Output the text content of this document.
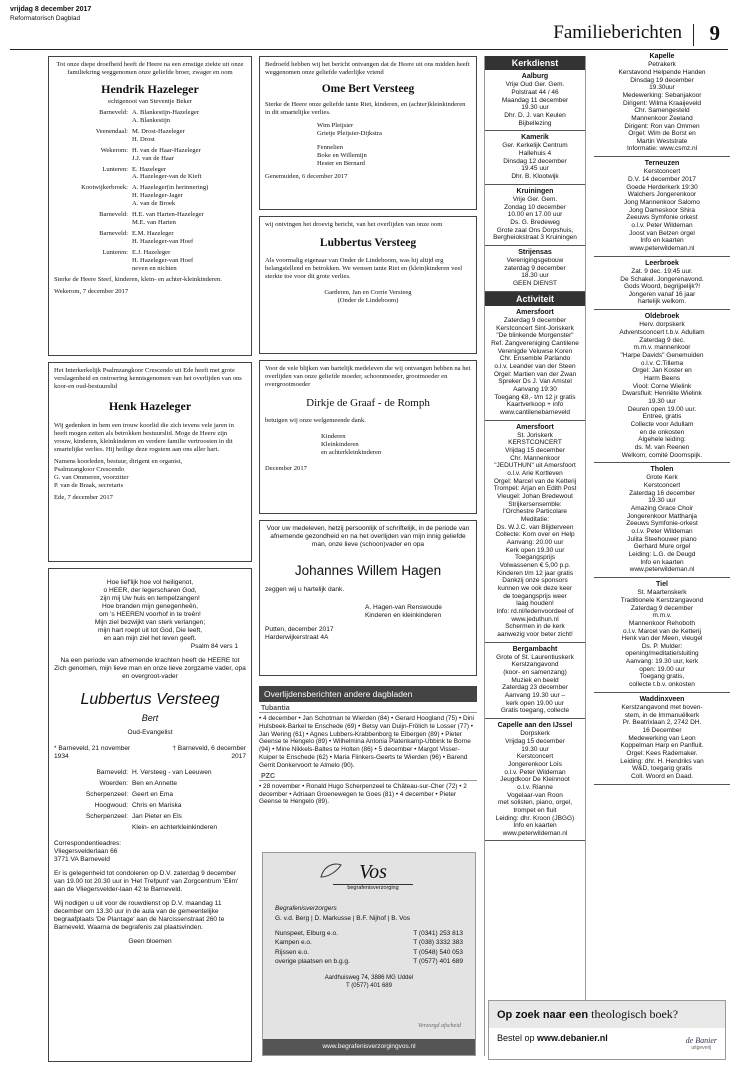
vrijdag 8 december 2017
Reformatorisch Dagblad
Familieberichten 9
Tot onze diepe droefheid heeft de Heere na een ernstige ziekte uit onze familiekring weggenomen onze geliefde broer, zwager en oom
Hendrik Hazeleger
echtgenoot van Steventje Beker
Barneveld: A. Blankestijn-Hazeleger
A. Blankestijn
Veenendaal: M. Drost-Hazeleger
H. Drost
Wekerom: H. van de Haar-Hazeleger
J.J. van de Haar
Lunteren: E. Hazeleger
A. Hazeleger-van de Kieft
Kootwijkerbroek: A. Hazeleger(in herinnering)
H. Hazeleger-Jager
A. van de Broek
Barneveld: H.E. van Harten-Hazeleger
M.E. van Harten
Barneveld: E.M. Hazeleger
H. Hazeleger-van Hoef
Lunteren: E.J. Hazeleger
H. Hazeleger-van Hoef
neven en nichten
Sterke de Heere Steef, kinderen, klein- en achter-kleinkinderen.
Wekerom, 7 december 2017
Het Interkerkelijk Psalmzangkoor Crescendo uit Ede heeft met grote verslagenheid en ontroering kennisgenomen van het overlijden van ons koor-en oud-bestuurslid
Henk Hazeleger
Wij gedenken in hem een trouw koorlid die zich tevens vele jaren in heeft mogen zetten als betrokken bestuurslid. Moge de Heere zijn vrouw, kinderen, kleinkinderen en verdere familie vertroosten in dit smartelijke verlies. Hij heilige deze rogstem aan ons aller hart.
Namens koorleden, bestuur, dirigent en organist,
Psalmzangkoor Crescendo
G. van Ommeren, voorzitter
P. van de Braak, secretaris
Ede, 7 december 2017
Hoe lief'lijk hoe vol heiligenot,
o HEER, der legerscharen God,
zijn mij Uw huis en tempelzangen!
Hoe branden mijn genegenheên,
om 's HEEREN voorhof in te treên!
Mijn ziel bezwijkt van sterk verlangen;
mijn hart roept uit tot God, Die leeft,
en aan mijn ziel het leven geeft.
Psalm 84 vers 1
Na een periode van afnemende krachten heeft de HEERE tot Zich genomen, mijn lieve man en onze lieve zorgzame vader, opa en overgroot-vader
Lubbertus Versteeg
Bert
Oud-Evangelist
* Barneveld, 21 november 1934
† Barneveld, 6 december 2017
Barneveld: H. Versteeg - van Leeuwen
Woerden: Ben en Annette
Scherpenzeel: Geert en Ema
Hoogwoud: Chris en Mariska
Scherpenzeel: Jan Pieter en Els
Klein- en achterkleinkinderen
Correspondentieadres:
Vliegersvelderlaan 66
3771 VA Barneveld
Er is gelegenheid tot condoleren op D.V. zaterdag 9 december van 19.00 tot 20.30 uur in 'Het Trefpunt' van Zorgcentrum 'Elim' aan de Vliegersvelder-laan 42 te Barneveld.
Wij nodigen u uit voor de rouwdienst op D.V. maandag 11 december om 13.30 uur in de aula van de gemeentelijke begraafplaats 'De Plantage' aan de Narcissenstraat 260 te Barneveld. Waarna de begrafenis zal plaatsvinden.
Geen bloemen
Bedroefd hebben wij het bericht ontvangen dat de Heere uit ons midden heeft weggenomen onze geliefde vaderlijke vriend
Ome Bert Versteeg
Sterke de Heere onze geliefde tante Riet, kinderen, en (achter)kleinkinderen in dit smartelijke verlies.
Wim Pleijsier
Grietje Pleijsier-Dijkstra
Fennelien
Boke en Willemijn
Hester en Bernard
Genemuiden, 6 december 2017
wij ontvingen het droevig bericht, van het overlijden van onze oom
Lubbertus Versteeg
Als voormalig eigenaar van Onder de Lindeboom, was hij altijd erg belangstellend en betrokken. We wensen tante Riet en (klein)kinderen veel sterkte toe voor dit grote verlies.
Garderen, Jan en Corrie Versteeg
(Onder de Lindeboom)
Voor de vele blijken van hartelijk medeleven die wij ontvangen hebben na het overlijden van onze geliefde moeder, schoonmoeder, grootmoeder en overgrootmoeder
Dirkje de Graaf - de Romph
betuigen wij onze welgemeende dank.
Kinderen
Kleinkinderen
en achterkleinkinderen
December 2017
Voor uw medeleven, hetzij persoonlijk of schriftelijk, in de periode van afnemende gezondheid en na het overlijden van mijn innig geliefde man, onze lieve (schoon)vader en opa
Johannes Willem Hagen
zeggen wij u hartelijk dank.
A. Hagen-van Renswoude
Kinderen en kleinkinderen
Putten, december 2017
Harderwijkerstraat 4A
Overlijdensberichten andere dagbladen
Tubantia
• 4 december • Jan Schotman te Wierden (84) • Gerard Hoogland (75) • Dini Hulsbeek-Barkel te Enschede (69) • Betsy van Duijn-Frölich te Losser (77) • Jan Wering (61) • Agnes Lubbers-Krabbenborg te Eibergen (89) • Pieter Geense te Hengelo (89) • Wilhelmina Antonia Platenkamp-Ubbink te Borne (94) • Mine Nikkels-Baltes te Holten (86) • 5 december • Margot Visser-Kuiper te Enschede (62) • Maria Flinkers-Geerts te Wierden (96) • Barend Gerrit Donkervoort te Almelo (90).
PZC
• 28 november • Ronald Hugo Scherpenzeel te Château-sur-Cher (72) • 2 december • Adriaan Groenewegen te Goes (81) • 4 december • Pieter Geense te Hengelo (89).
Vos
begrafenisverzorging
Begrafenisverzorgers
G. v.d. Berg | D. Markusse | B.F. Nijhof | B. Vos
Nunspeet, Elburg e.o.	T (0341) 253 813
Kampen e.o.	T (038) 3332 383
Rijssen e.o.	T (0548) 540 053
overige plaatsen en b.g.g.	T (0577) 401 689
Aardhuisweg 74, 3886 MG Uddel
T (0577) 401 689
Verzorgd afscheid
www.begrafenisverzorgingvos.nl
Kerkdienst
Aalburg
Vrije Oud Ger. Gem.
Polstraat 44 / 46
Maandag 11 december
19.30 uur
Dhr. D. J. van Keulen
Bijbellezing
Kamerik
Ger. Kerkelijk Centrum
Hallehuis 4
Dinsdag 12 december
19.45 uur
Dhr. B. Klootwijk
Kruiningen
Vrije Ger. Gem.
Zondag 10 december
10.00 en 17.00 uur
Ds. G. Bredeweg
Grote zaal Ons Dorpshuis,
Bergheiokstraat 3 Kruiningen
Strijensas
Verenigingsgebouw
zaterdag 9 december
18.30 uur
GEEN DIENST
Activiteit
Amersfoort
Zaterdag 9 december
Kerstconcert Sint-Joriskerk
"De blinkende Morgenster"
Ref. Zangvereniging Cantilene
Verenigde Veluwse Koren
Chr. Ensemble Parlando
o.l.v. Leander van der Steen
Orgel: Martien van der Zwan
Spreker Ds J. Van Amstel
Aanvang 19:30
Toegang €8,- t/m 12 jr gratis
Kaartverkoop + info
www.cantilenebarneveld
Amersfoort
St. Joriskerk
KERSTCONCERT
Vrijdag 15 december
Chr. Mannenkoor
"JEDUTHUN" uit Amersfoort
o.l.v. Arie Kortleven
Orgel: Marcel van de Ketterij
Trompet: Arjan en Edith Post
Vleugel: Johan Bredewout
Strijkersensemble:
l'Orchestre Particolare
Meditatie:
Ds. W.J.C. van Blijderveen
Collecte: Kom over en Help
Aanvang: 20.00 uur
Kerk open 19.30 uur
Toegangsprijs
Volwassenen € 5,00 p.p.
Kinderen t/m 12 jaar gratis
Dankzij onze sponsors
kunnen we ook deze keer
de toegangsprijs weer
laag houden!
Info: rd.nl/ledenvoordeel of
www.jeduthun.nl
Schermen in de kerk
aanwezig voor beter zicht!
Bergambacht
Grote of St. Laurentiuskerk
Kerstzangavond
(koor- en samenzang)
Muziek en beeld
Zaterdag 23 december
Aanvang 19.30 uur –
kerk open 19.00 uur
Gratis toegang, collecte
Capelle aan den IJssel
Dorpskerk
Vrijdag 15 december
19.30 uur
Kerstconcert
Jongerenkoor Loïs
o.l.v. Peter Wildeman
Jeugdkoor De Kleinnoot
o.l.v. Rianne
Vogelaar-van Roon
met solisten, piano, orgel,
trompet en fluit
Leiding: dhr. Kroon (JBGG)
Info en kaarten
www.peterwildeman.nl
Kapelle
Petrakerk
Kerstavond Helpende Handen
Dinsdag 19 december
19.30uur
Medewerking: Sebanjakoor
Dirigent: Wilma Kraaijeveld
Chr. Samengesteld
Mannenkoor Zeeland
Dirigent: Ron van Ommen
Orgel: Wim de Borst en
Martin Weststrate
Informatie: www.csmz.nl
Terneuzen
Kerstconcert
D.V. 14 december 2017
Goede Herderkerk 19:30
Walchers Jongerenkoor
Jong Mannenkoor Salomo
Jong Dameskoor Shira
Zeeuws Symfonie orkest
o.l.v. Peter Wildeman
Joost van Belzen orgel
Info en kaarten
www.peterwildeman.nl
Leerbroek
Zat. 9 dec. 19:45 uur.
De Schakel. Jongerenavond.
Gods Woord, begrijpelijk?!
Jongeren vanaf 16 jaar
hartelijk welkom.
Oldebroek
Herv. dorpskerk
Adventsconcert t.b.v. Adullam
Zaterdag 9 dec.
m.m.v. mannenkoor
"Harpe Davids" Genemuiden
o.l.v. C.Tillema
Orgel: Jan Koster en
Harm Beens
Viool: Corne Wielink
Dwarsfluit: Henriëte Wielink
19.30 uur
Deuren open 19.00 uur.
Entree, gratis
Collecte voor Adullam
en de onkosten
Algehele leiding:
ds. M. van Reenen
Welkom, comité Doornspijk.
Tholen
Grote Kerk
Kerstconcert
Zaterdag 16 december
19.30 uur
Amazing Grace Choir
Jongerenkoor Matthanja
Zeeuws Symfonie-orkest
o.l.v. Peter Wildeman
Julita Steehouwer piano
Gerhard Mure orgel
Leiding: L.G. de Deugd
Info en kaarten
www.peterwildeman.nl
Tiel
St. Maartenskerk
Traditionele Kerstzangavond
Zaterdag 9 december
m.m.v.
Mannenkoor Rehoboth
o.l.v. Marcel van de Ketterij
Henk van der Meen, vleugel
Ds. P. Mulder:
opening/meditatie/sluiting
Aanvang: 19.30 uur, kerk
open: 19.00 uur
Toegang gratis,
collecte t.b.v. onkosten
Waddinxveen
Kerstzangavond met boven-
stem, in de Immanuëlkerk
Pr. Beatrixlaan 2, 2742 DH.
16 December
Medewerking van Leon
Koppelman Harp en Panfluit.
Orgel: Kees Rademaker.
Leiding: dhr. H. Hendriks van
W&D, toegang gratis
Coll. Woord en Daad.
Op zoek naar een theologisch boek?
Bestel op www.debanier.nl	de Banier
uitgeverij
